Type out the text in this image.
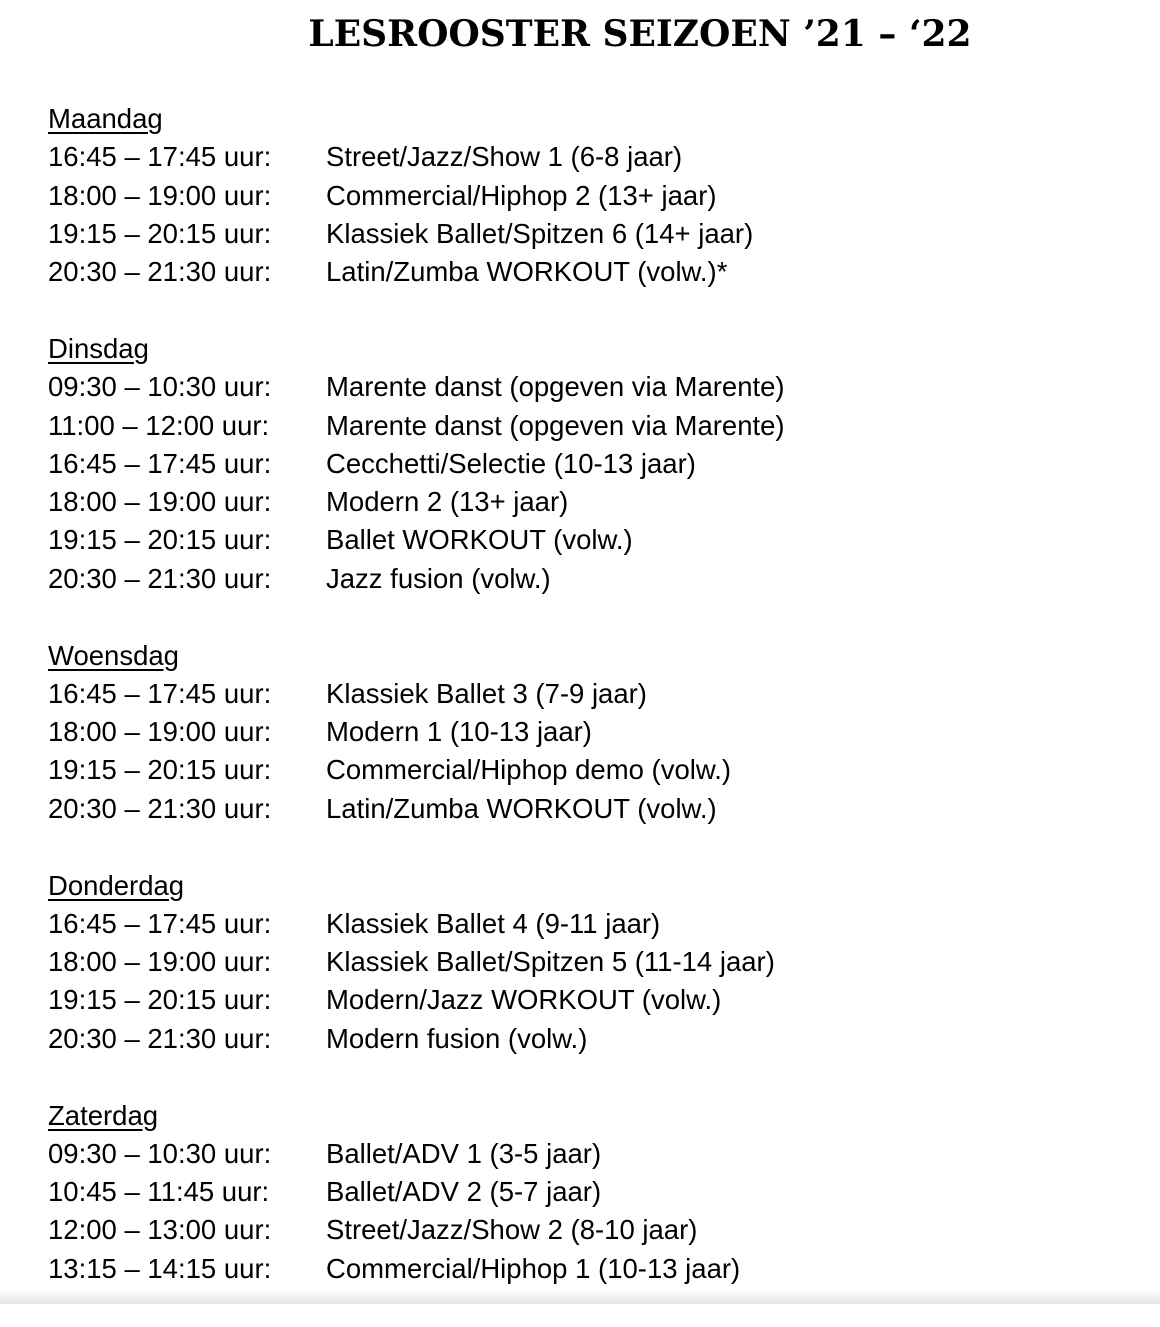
LESROOSTER SEIZOEN ’21 – ‘22
Maandag
16:45 – 17:45 uur:	Street/Jazz/Show 1 (6-8 jaar)
18:00 – 19:00 uur:	Commercial/Hiphop 2 (13+ jaar)
19:15 – 20:15 uur:	Klassiek Ballet/Spitzen 6 (14+ jaar)
20:30 – 21:30 uur:	Latin/Zumba WORKOUT (volw.)*
Dinsdag
09:30 – 10:30 uur:	Marente danst (opgeven via Marente)
11:00 – 12:00 uur:	Marente danst (opgeven via Marente)
16:45 – 17:45 uur:	Cecchetti/Selectie (10-13 jaar)
18:00 – 19:00 uur:	Modern 2 (13+ jaar)
19:15 – 20:15 uur:	Ballet WORKOUT (volw.)
20:30 – 21:30 uur:	Jazz fusion (volw.)
Woensdag
16:45 – 17:45 uur:	Klassiek Ballet 3 (7-9 jaar)
18:00 – 19:00 uur:	Modern 1 (10-13 jaar)
19:15 – 20:15 uur:	Commercial/Hiphop demo (volw.)
20:30 – 21:30 uur:	Latin/Zumba WORKOUT (volw.)
Donderdag
16:45 – 17:45 uur:	Klassiek Ballet 4 (9-11 jaar)
18:00 – 19:00 uur:	Klassiek Ballet/Spitzen 5 (11-14 jaar)
19:15 – 20:15 uur:	Modern/Jazz WORKOUT (volw.)
20:30 – 21:30 uur:	Modern fusion (volw.)
Zaterdag
09:30 – 10:30 uur:	Ballet/ADV 1 (3-5 jaar)
10:45 – 11:45 uur:	Ballet/ADV 2 (5-7 jaar)
12:00 – 13:00 uur:	Street/Jazz/Show 2 (8-10 jaar)
13:15 – 14:15 uur:	Commercial/Hiphop 1 (10-13 jaar)
